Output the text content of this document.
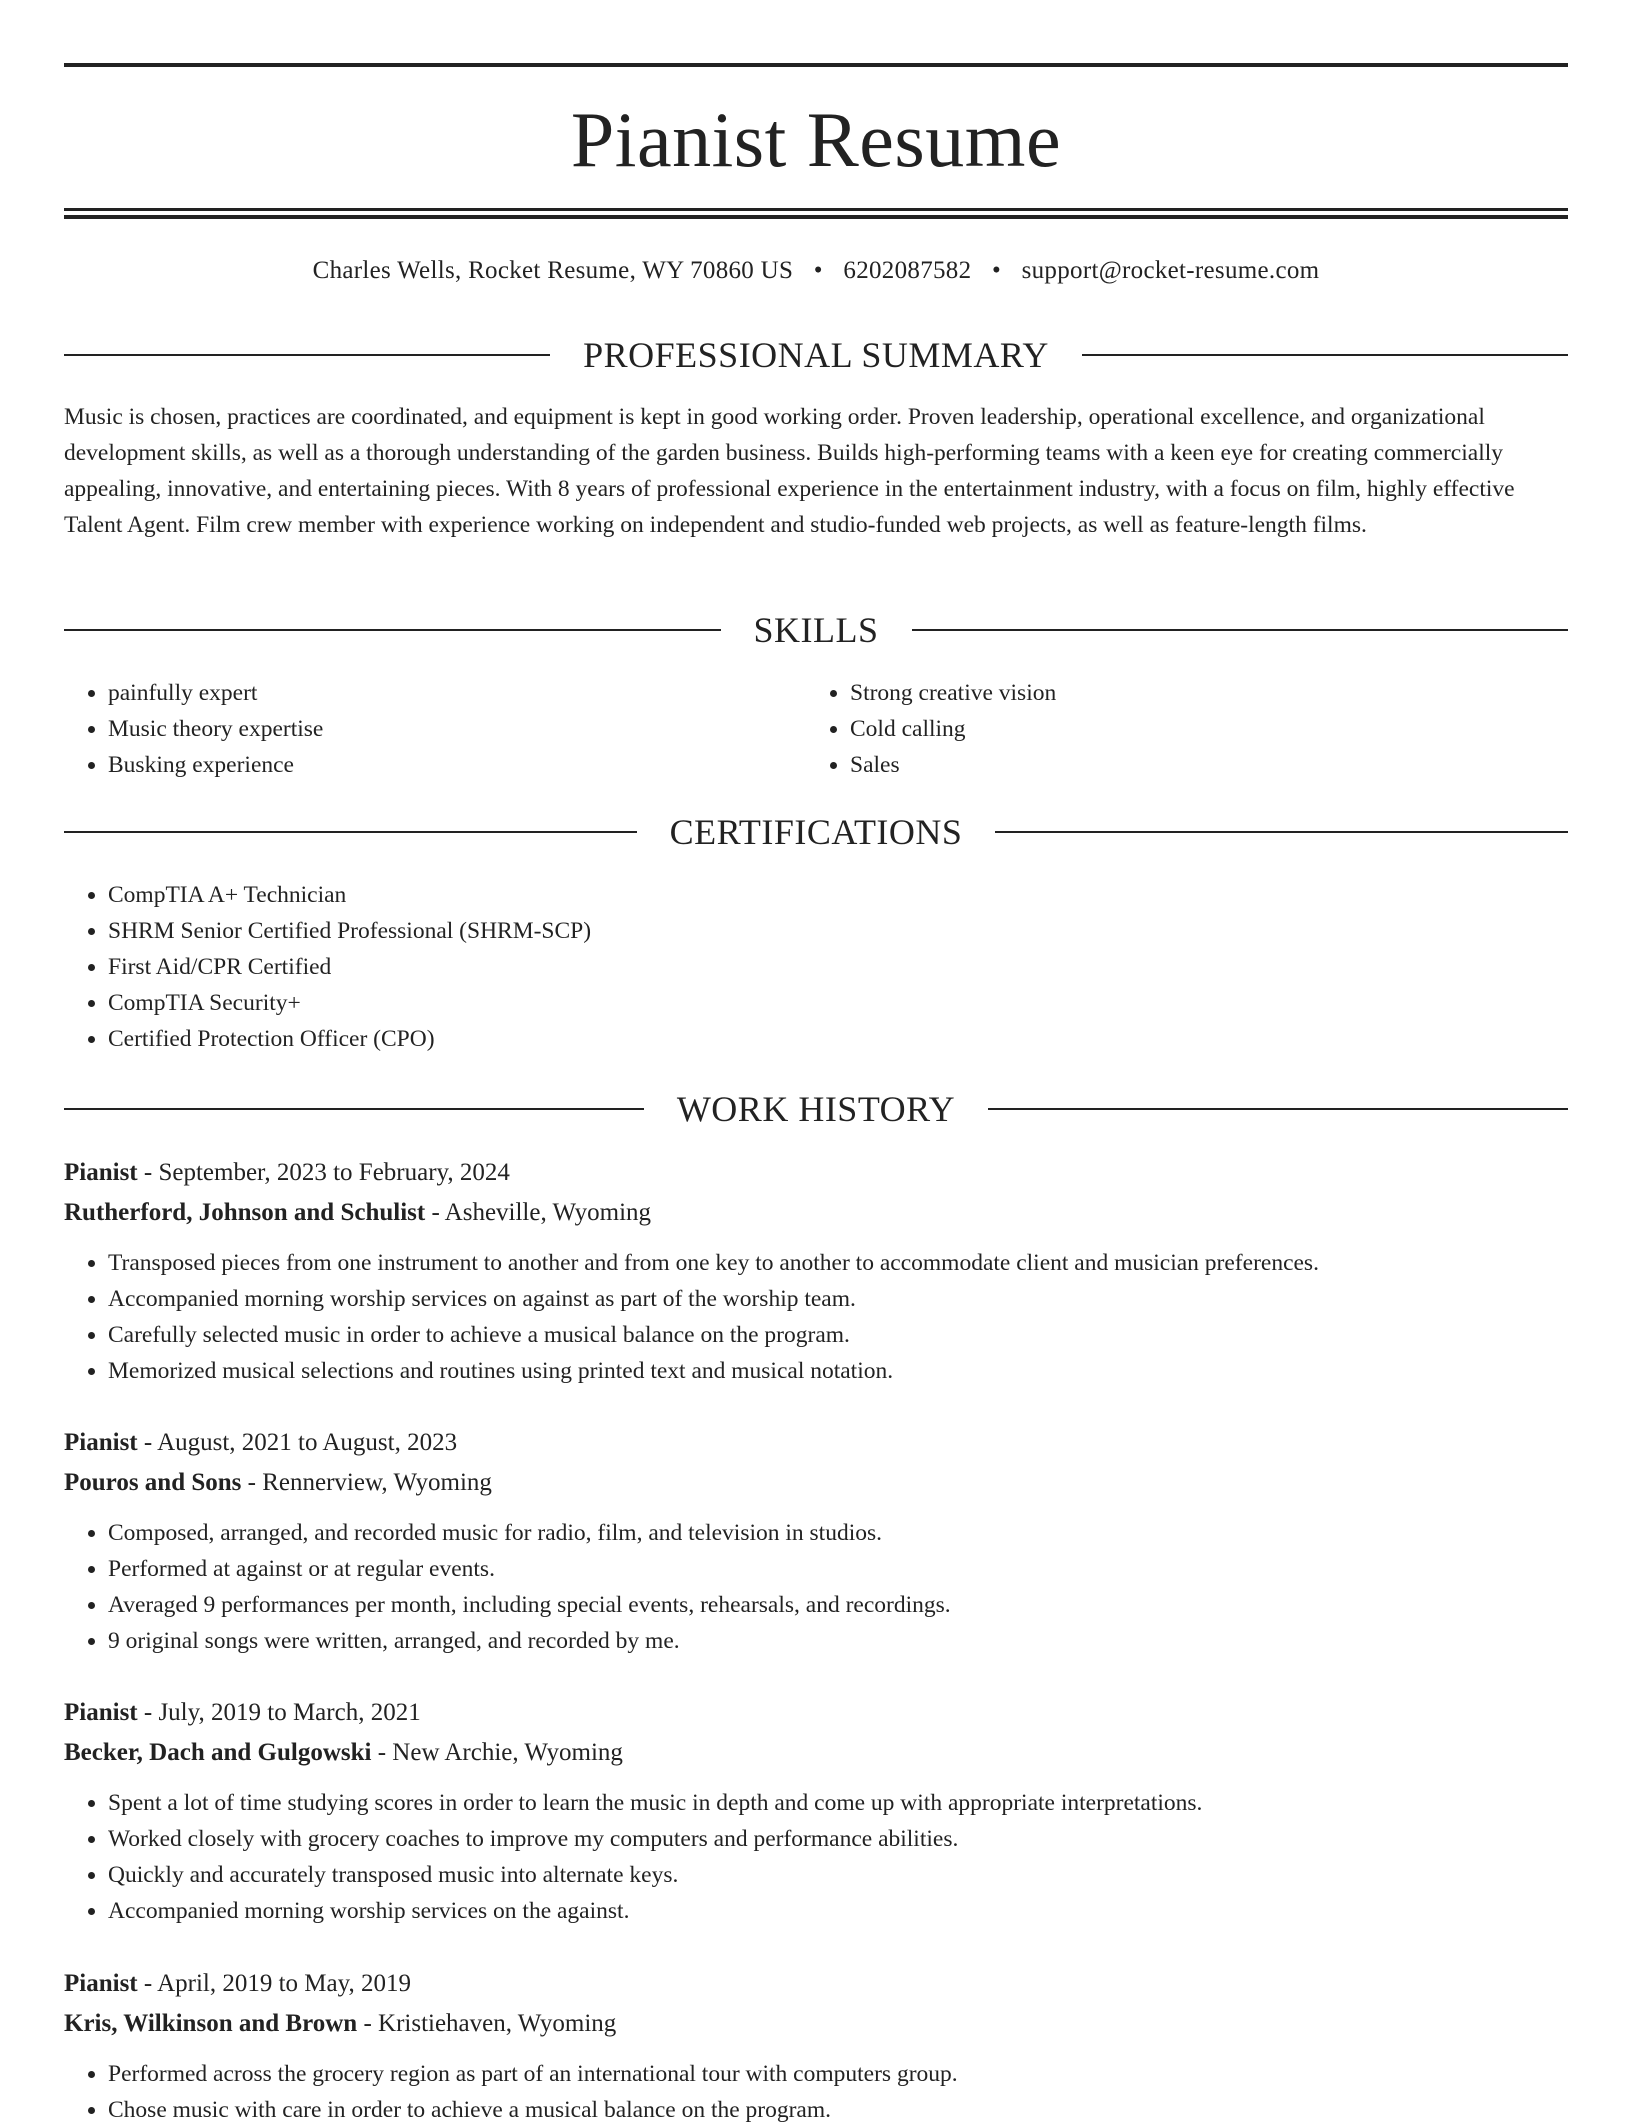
Pianist Resume
Charles Wells, Rocket Resume, WY 70860 US • 6202087582 • support@rocket-resume.com
PROFESSIONAL SUMMARY

Music is chosen, practices are coordinated, and equipment is kept in good working order. Proven leadership, operational excellence, and organizational development skills, as well as a thorough understanding of the garden business. Builds high-performing teams with a keen eye for creating commercially appealing, innovative, and entertaining pieces. With 8 years of professional experience in the entertainment industry, with a focus on film, highly effective Talent Agent. Film crew member with experience working on independent and studio-funded web projects, as well as feature-length films.

SKILLS
• painfully expert
• Music theory expertise
• Busking experience
• Strong creative vision
• Cold calling
• Sales
CERTIFICATIONS
• CompTIA A+ Technician
• SHRM Senior Certified Professional (SHRM-SCP)
• First Aid/CPR Certified
• CompTIA Security+
• Certified Protection Officer (CPO)
WORK HISTORY
Pianist - September, 2023 to February, 2024
Rutherford, Johnson and Schulist - Asheville, Wyoming
• Transposed pieces from one instrument to another and from one key to another to accommodate client and musician preferences.
• Accompanied morning worship services on against as part of the worship team.
• Carefully selected music in order to achieve a musical balance on the program.
• Memorized musical selections and routines using printed text and musical notation.
Pianist - August, 2021 to August, 2023
Pouros and Sons - Rennerview, Wyoming
• Composed, arranged, and recorded music for radio, film, and television in studios.
• Performed at against or at regular events.
• Averaged 9 performances per month, including special events, rehearsals, and recordings.
• 9 original songs were written, arranged, and recorded by me.
Pianist - July, 2019 to March, 2021
Becker, Dach and Gulgowski - New Archie, Wyoming
• Spent a lot of time studying scores in order to learn the music in depth and come up with appropriate interpretations.
• Worked closely with grocery coaches to improve my computers and performance abilities.
• Quickly and accurately transposed music into alternate keys.
• Accompanied morning worship services on the against.
Pianist - April, 2019 to May, 2019
Kris, Wilkinson and Brown - Kristiehaven, Wyoming
• Performed across the grocery region as part of an international tour with computers group.
• Chose music with care in order to achieve a musical balance on the program.
